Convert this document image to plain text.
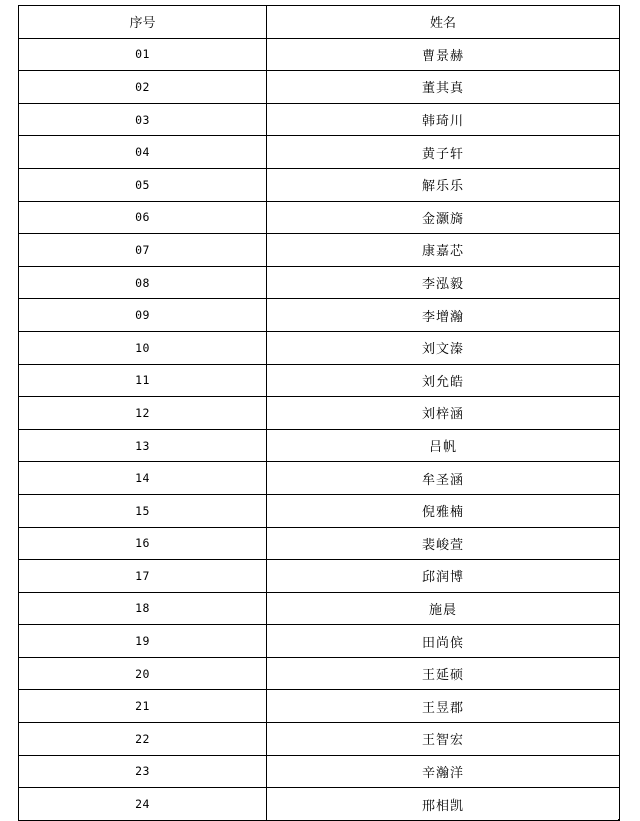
序号	姓名
01	曹景赫
02	董其真
03	韩琦川
04	黄子轩
05	解乐乐
06	金灏旖
07	康嘉芯
08	李泓毅
09	李增瀚
10	刘文溱
11	刘允皓
12	刘梓涵
13	吕帆
14	牟圣涵
15	倪雅楠
16	裴峻萱
17	邱润博
18	施晨
19	田尚傧
20	王延硕
21	王昱郡
22	王智宏
23	辛瀚洋
24	邢相凯
